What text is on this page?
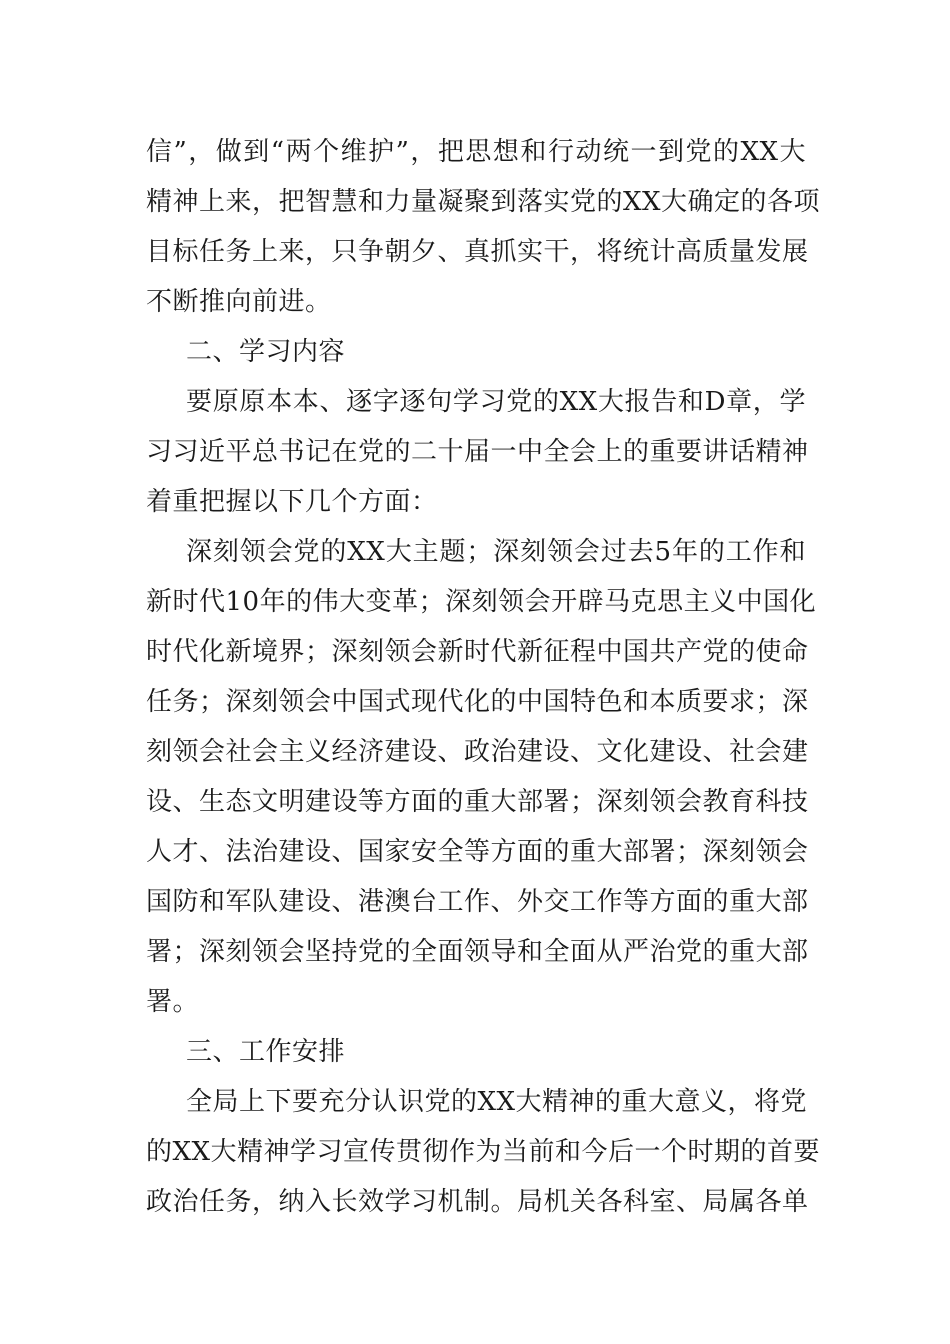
信”，做到“两个维护”，把思想和行动统一到党的XX大
精神上来，把智慧和力量凝聚到落实党的XX大确定的各项
目标任务上来，只争朝夕、真抓实干，将统计高质量发展
不断推向前进。
二、学习内容
要原原本本、逐字逐句学习党的XX大报告和D章，学
习习近平总书记在党的二十届一中全会上的重要讲话精神
着重把握以下几个方面：
深刻领会党的XX大主题；深刻领会过去5年的工作和
新时代10年的伟大变革；深刻领会开辟马克思主义中国化
时代化新境界；深刻领会新时代新征程中国共产党的使命
任务；深刻领会中国式现代化的中国特色和本质要求；深
刻领会社会主义经济建设、政治建设、文化建设、社会建
设、生态文明建设等方面的重大部署；深刻领会教育科技
人才、法治建设、国家安全等方面的重大部署；深刻领会
国防和军队建设、港澳台工作、外交工作等方面的重大部
署；深刻领会坚持党的全面领导和全面从严治党的重大部
署。
三、工作安排
全局上下要充分认识党的XX大精神的重大意义，将党
的XX大精神学习宣传贯彻作为当前和今后一个时期的首要
政治任务，纳入长效学习机制。局机关各科室、局属各单
